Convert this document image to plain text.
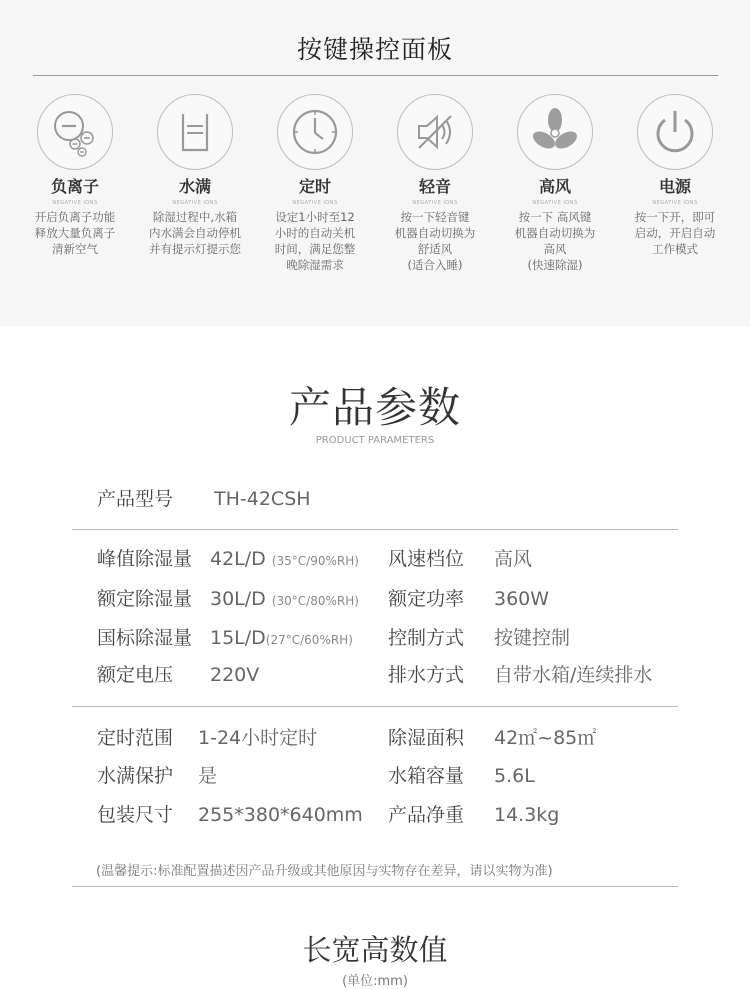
按键操控面板
负离子
NEGATIVE IONS
开启负离子功能
释放大量负离子
清新空气
水满
NEGATIVE IONS
除湿过程中,水箱
内水满会自动停机
并有提示灯提示您
定时
NEGATIVE IONS
设定1小时至12
小时的自动关机
时间，满足您整
晚除湿需求
轻音
NEGATIVE IONS
按一下轻音键
机器自动切换为
舒适风
(适合入睡)
高风
NEGATIVE IONS
按一下 高风键
机器自动切换为
高风
(快速除湿)
电源
NEGATIVE IONS
按一下开，即可
启动，开启自动
工作模式
产品参数
PRODUCT PARAMETERS
产品型号 TH-42CSH
峰值除湿量 42L/D (35°C/90%RH)
额定除湿量 30L/D (30°C/80%RH)
国标除湿量 15L/D(27°C/60%RH)
额定电压 220V
风速档位 高风
额定功率 360W
控制方式 按键控制
排水方式 自带水箱/连续排水
定时范围 1-24小时定时
水满保护 是
包装尺寸 255*380*640mm
除湿面积 42㎡~85㎡
水箱容量 5.6L
产品净重 14.3kg
(温馨提示:标准配置描述因产品升级或其他原因与实物存在差异，请以实物为准)
长宽高数值
(单位:mm)
